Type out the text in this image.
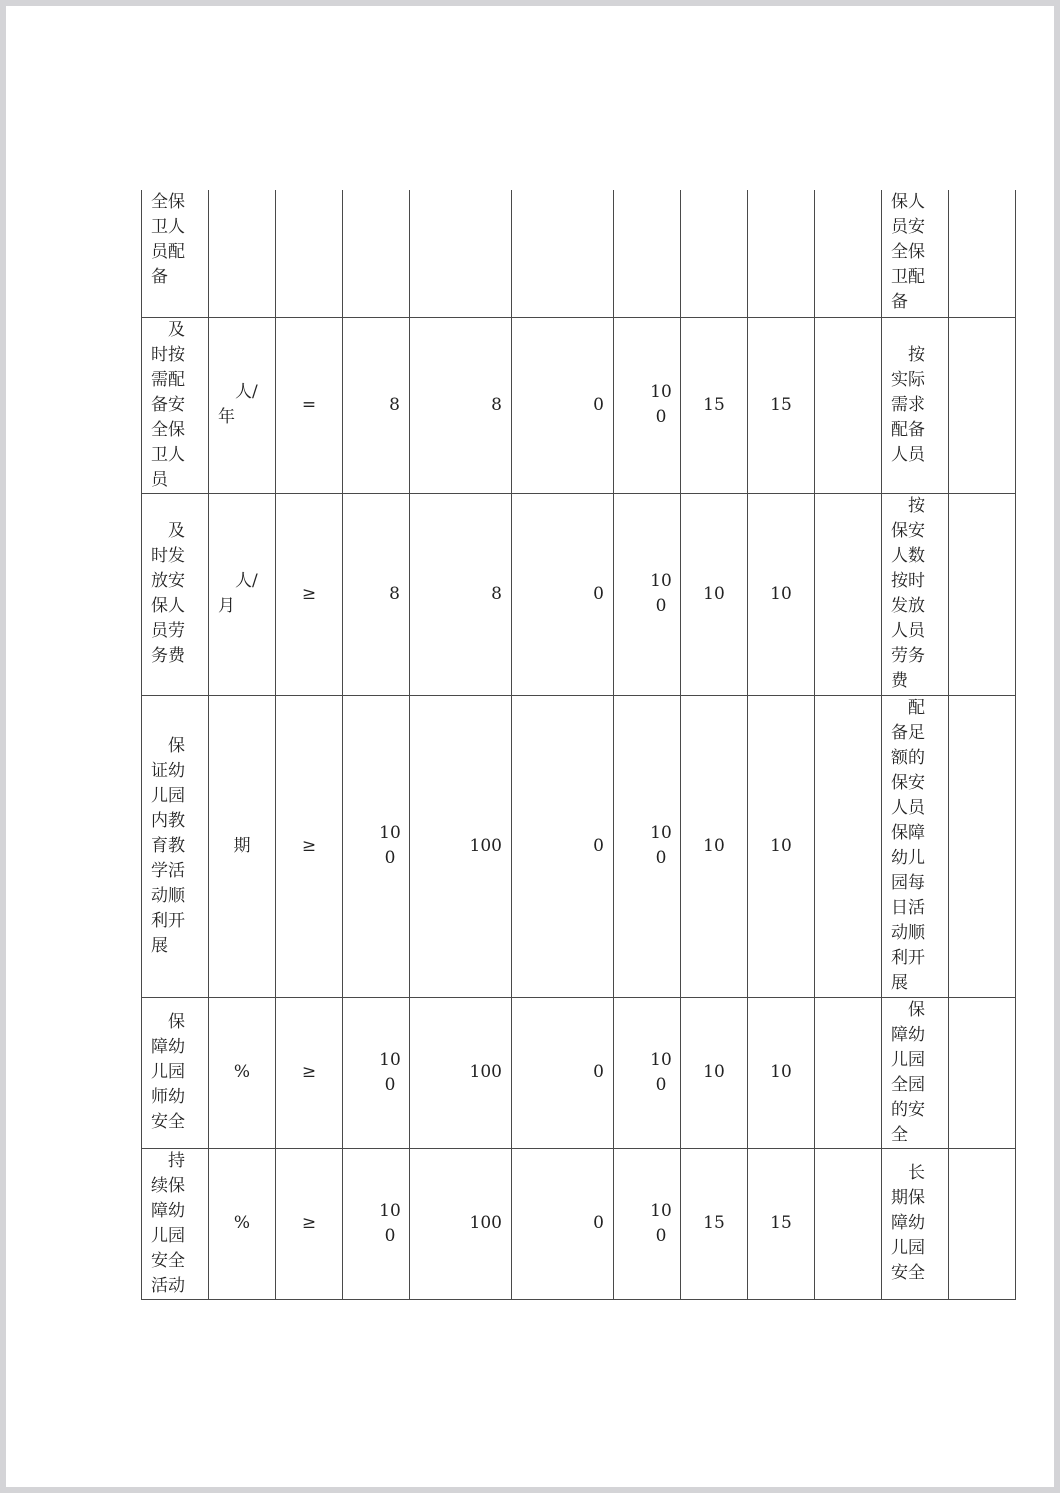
全保卫人员配备										保人员安全保卫配备	

及时按需配备安全保卫人员	人/年	=	8	8	0	100	15	15		按实际需求配备人员	

及时发放安保人员劳务费	人/月	≥	8	8	0	100	10	10		按保安人数按时发放人员劳务费	

保证幼儿园内教育教学活动顺利开展	期	≥	100	100	0	100	10	10		配备足额的保安人员保障幼儿园每日活动顺利开展	

保障幼儿园师幼安全	%	≥	100	100	0	100	10	10		保障幼儿园全园的安全	

持续保障幼儿园安全活动	%	≥	100	100	0	100	15	15		长期保障幼儿园安全	
